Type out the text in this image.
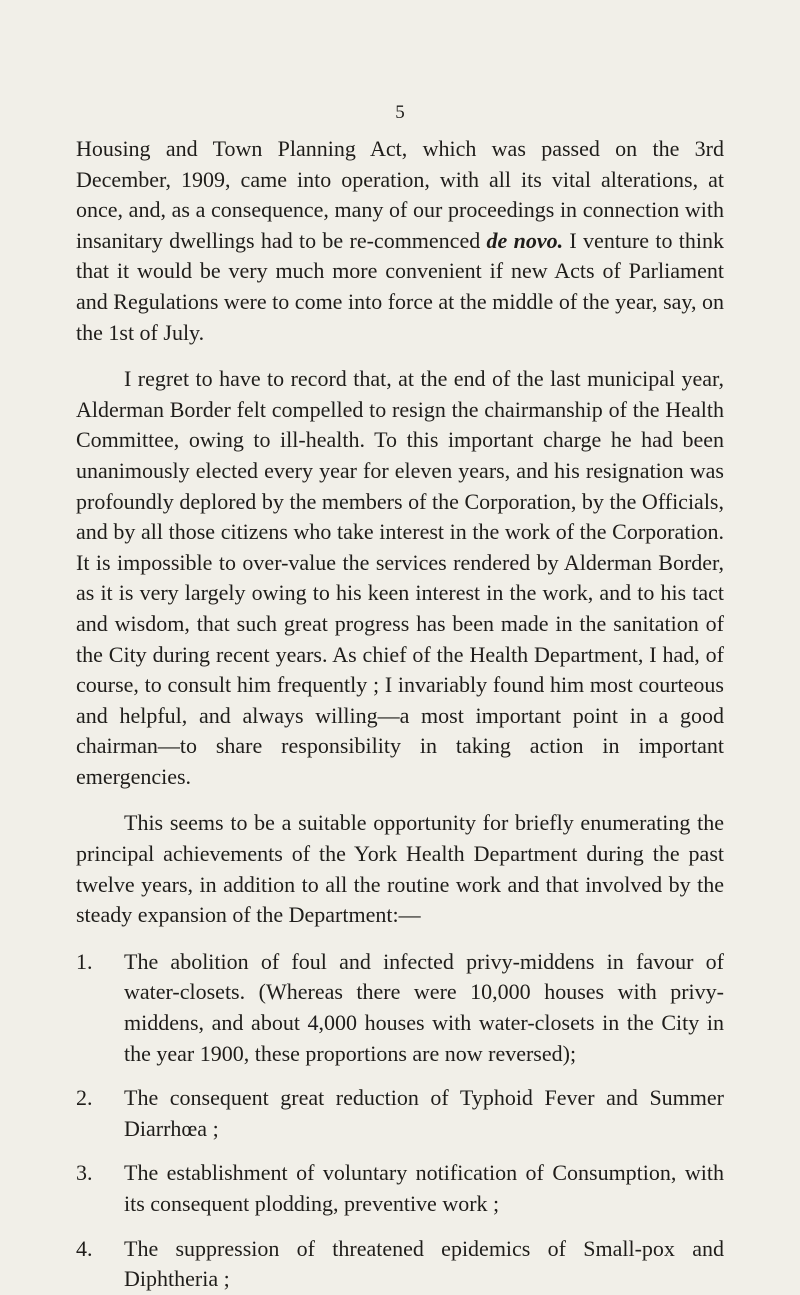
5

Housing and Town Planning Act, which was passed on the 3rd December, 1909, came into operation, with all its vital alterations, at once, and, as a consequence, many of our proceedings in connection with insanitary dwellings had to be re-commenced de novo. I venture to think that it would be very much more convenient if new Acts of Parliament and Regulations were to come into force at the middle of the year, say, on the 1st of July.

I regret to have to record that, at the end of the last municipal year, Alderman Border felt compelled to resign the chairmanship of the Health Committee, owing to ill-health. To this important charge he had been unanimously elected every year for eleven years, and his resignation was profoundly deplored by the members of the Corporation, by the Officials, and by all those citizens who take interest in the work of the Corporation. It is impossible to over-value the services rendered by Alderman Border, as it is very largely owing to his keen interest in the work, and to his tact and wisdom, that such great progress has been made in the sanitation of the City during recent years. As chief of the Health Department, I had, of course, to consult him frequently ; I invariably found him most courteous and helpful, and always willing—a most important point in a good chairman—to share responsibility in taking action in important emergencies.

This seems to be a suitable opportunity for briefly enumerating the principal achievements of the York Health Department during the past twelve years, in addition to all the routine work and that involved by the steady expansion of the Department:—

1.	The abolition of foul and infected privy-middens in favour of water-closets. (Whereas there were 10,000 houses with privy-middens, and about 4,000 houses with water-closets in the City in the year 1900, these proportions are now reversed);
2.	The consequent great reduction of Typhoid Fever and Summer Diarrhœa ;
3.	The establishment of voluntary notification of Consumption, with its consequent plodding, preventive work ;
4.	The suppression of threatened epidemics of Small-pox and Diphtheria ;
